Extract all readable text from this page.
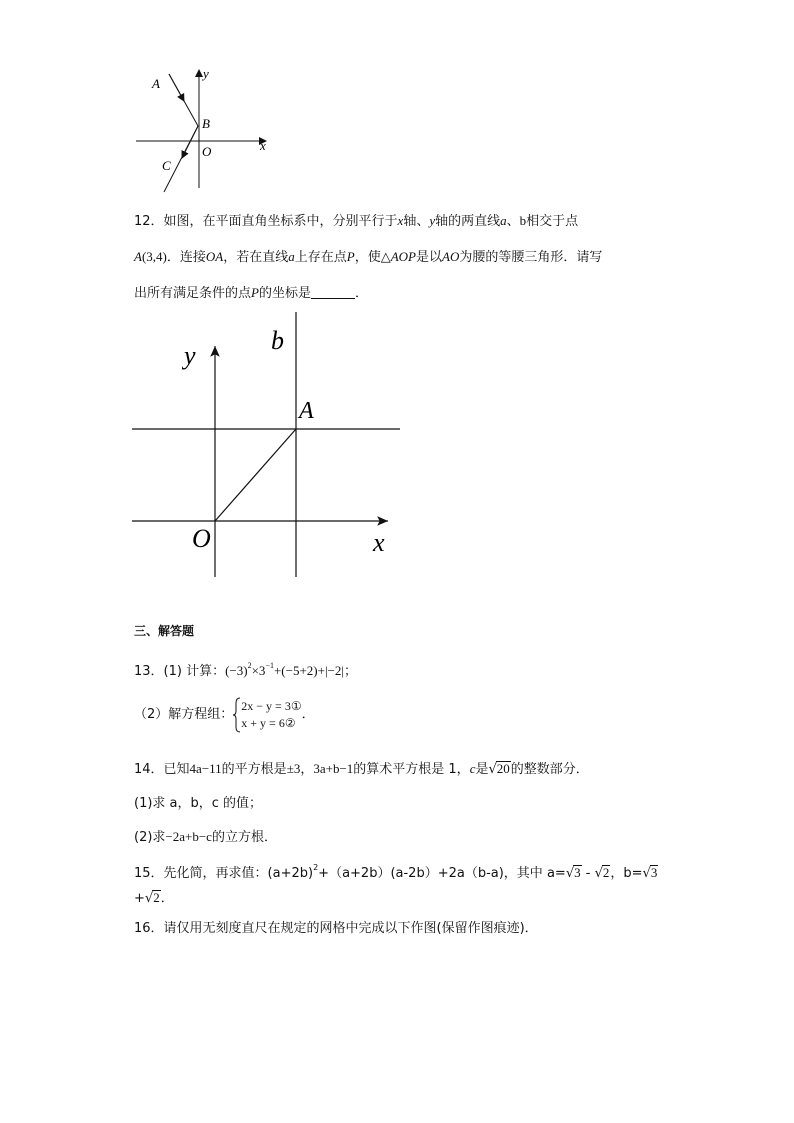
A
B
C
O	x
y
12．如图，在平面直角坐标系中，分别平行于x轴、y轴的两直线a、b相交于点
A(3,4)．连接OA，若在直线a上存在点P，使△AOP是以AO为腰的等腰三角形．请写
出所有满足条件的点P的坐标是	．
y
b
A
O	x
三、解答题
13．(1) 计算：$(-3)^2\times 3^{-1}+(-5+2)+|-2|$；
（2）解方程组：2x − y = 3①
x + y = 6②．
14．已知4a−11的平方根是±3，3a+b−1的算术平方根是 1，c是√20的整数部分．
(1)求 a，b，c 的值；
(2)求−2a+b−c的立方根．
15．先化简，再求值：$(a+2b)^2+(a+2b)(a-2b)+2a(b-a)$，其中 a=√3 - √2，b=√3
+√2．
16．请仅用无刻度直尺在规定的网格中完成以下作图(保留作图痕迹)．
